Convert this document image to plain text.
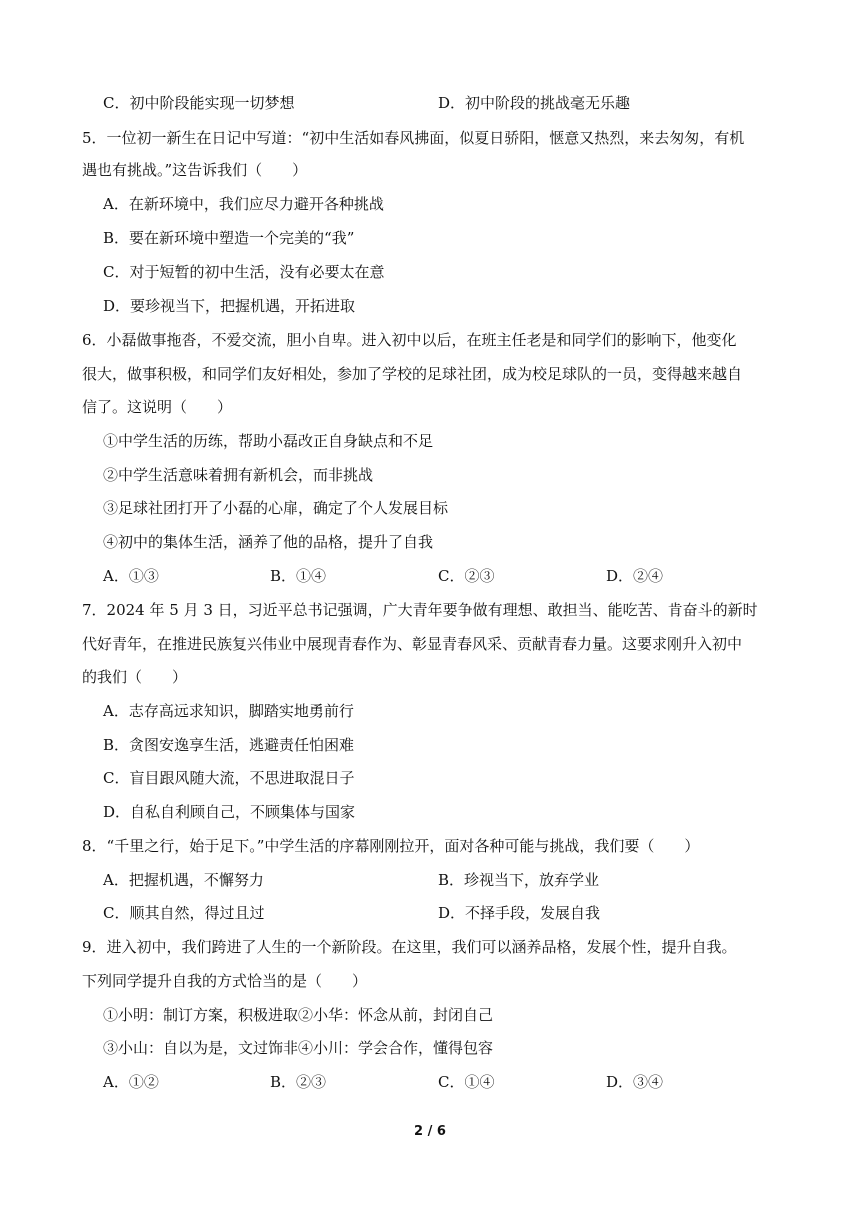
C．初中阶段能实现一切梦想	D．初中阶段的挑战毫无乐趣
5．一位初一新生在日记中写道：“初中生活如春风拂面，似夏日骄阳，惬意又热烈，来去匆匆，有机
遇也有挑战。”这告诉我们（　　）
A．在新环境中，我们应尽力避开各种挑战
B．要在新环境中塑造一个完美的“我”
C．对于短暂的初中生活，没有必要太在意
D．要珍视当下，把握机遇，开拓进取
6．小磊做事拖沓，不爱交流，胆小自卑。进入初中以后，在班主任老是和同学们的影响下，他变化
很大，做事积极，和同学们友好相处，参加了学校的足球社团，成为校足球队的一员，变得越来越自
信了。这说明（　　）
①中学生活的历练，帮助小磊改正自身缺点和不足
②中学生活意味着拥有新机会，而非挑战
③足球社团打开了小磊的心扉，确定了个人发展目标
④初中的集体生活，涵养了他的品格，提升了自我
A．①③	B．①④	C．②③	D．②④
7．2024 年 5 月 3 日，习近平总书记强调，广大青年要争做有理想、敢担当、能吃苦、肯奋斗的新时
代好青年，在推进民族复兴伟业中展现青春作为、彰显青春风采、贡献青春力量。这要求刚升入初中
的我们（　　）
A．志存高远求知识，脚踏实地勇前行
B．贪图安逸享生活，逃避责任怕困难
C．盲目跟风随大流，不思进取混日子
D．自私自利顾自己，不顾集体与国家
8．“千里之行，始于足下。”中学生活的序幕刚刚拉开，面对各种可能与挑战，我们要（　　）
A．把握机遇，不懈努力	B．珍视当下，放弃学业
C．顺其自然，得过且过	D．不择手段，发展自我
9．进入初中，我们跨进了人生的一个新阶段。在这里，我们可以涵养品格，发展个性，提升自我。
下列同学提升自我的方式恰当的是（　　）
①小明：制订方案，积极进取②小华：怀念从前，封闭自己
③小山：自以为是，文过饰非④小川：学会合作，懂得包容
A．①②	B．②③	C．①④	D．③④
2 / 6
